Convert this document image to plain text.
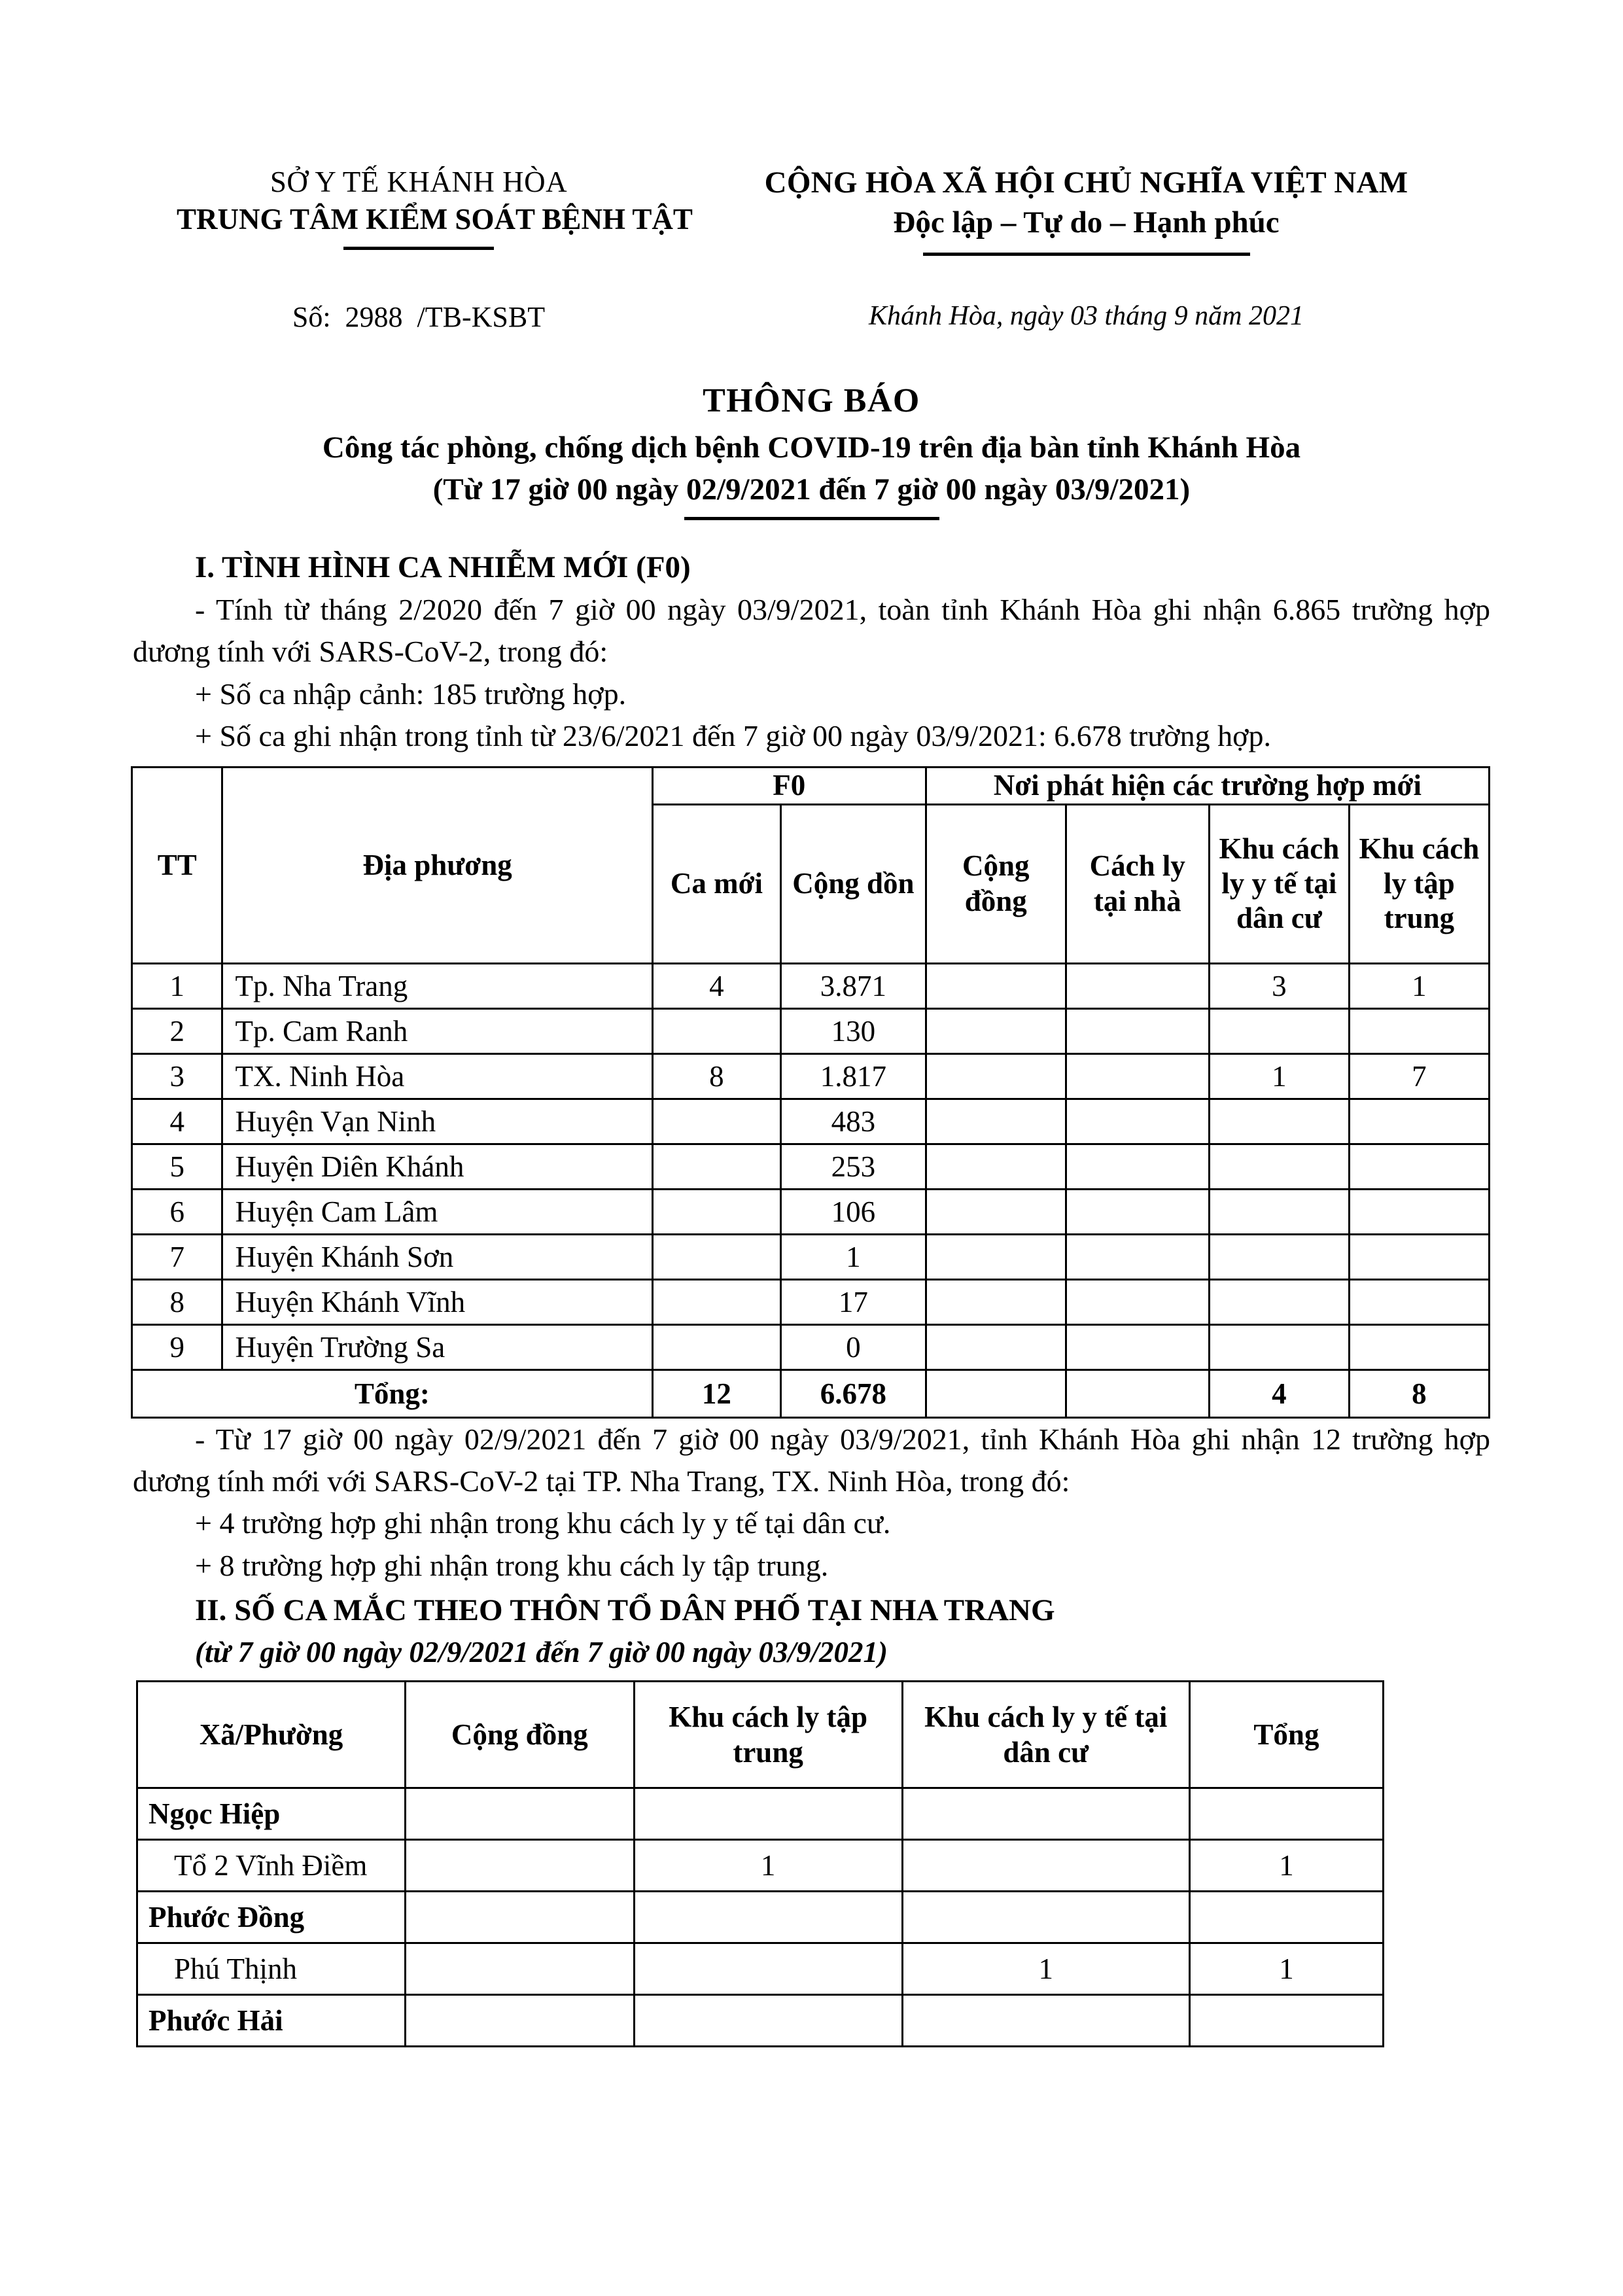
SỞ Y TẾ KHÁNH HÒA
TRUNG TÂM KIỂM SOÁT BỆNH TẬT
CỘNG HÒA XÃ HỘI CHỦ NGHĨA VIỆT NAM
Độc lập – Tự do – Hạnh phúc
Số:  2988  /TB-KSBT	Khánh Hòa, ngày 03 tháng 9 năm 2021
THÔNG BÁO
Công tác phòng, chống dịch bệnh COVID-19 trên địa bàn tỉnh Khánh Hòa
(Từ 17 giờ 00 ngày 02/9/2021 đến 7 giờ 00 ngày 03/9/2021)
I. TÌNH HÌNH CA NHIỄM MỚI (F0)

- Tính từ tháng 2/2020 đến 7 giờ 00 ngày 03/9/2021, toàn tỉnh Khánh Hòa ghi nhận 6.865 trường hợp dương tính với SARS-CoV-2, trong đó:

+ Số ca nhập cảnh: 185 trường hợp.

+ Số ca ghi nhận trong tỉnh từ 23/6/2021 đến 7 giờ 00 ngày 03/9/2021: 6.678 trường hợp.

TT	Địa phương	F0		Nơi phát hiện các trường hợp mới			
		Ca mới	Cộng dồn	Cộng đồng	Cách ly tại nhà	Khu cách ly y tế tại dân cư	Khu cách ly tập trung
1	Tp. Nha Trang	4	3.871			3	1
2	Tp. Cam Ranh		130				
3	TX. Ninh Hòa	8	1.817			1	7
4	Huyện Vạn Ninh		483				
5	Huyện Diên Khánh		253				
6	Huyện Cam Lâm		106				
7	Huyện Khánh Sơn		1				
8	Huyện Khánh Vĩnh		17				
9	Huyện Trường Sa		0				
Tổng:		12	6.678			4	8

- Từ 17 giờ 00 ngày 02/9/2021 đến 7 giờ 00 ngày 03/9/2021, tỉnh Khánh Hòa ghi nhận 12 trường hợp dương tính mới với SARS-CoV-2 tại TP. Nha Trang, TX. Ninh Hòa, trong đó:

+ 4 trường hợp ghi nhận trong khu cách ly y tế tại dân cư.

+ 8 trường hợp ghi nhận trong khu cách ly tập trung.

II. SỐ CA MẮC THEO THÔN TỔ DÂN PHỐ TẠI NHA TRANG
(từ 7 giờ 00 ngày 02/9/2021 đến 7 giờ 00 ngày 03/9/2021)
Xã/Phường	Cộng đồng	Khu cách ly tập trung	Khu cách ly y tế tại dân cư	Tổng
Ngọc Hiệp				
Tổ 2 Vĩnh Điềm		1		1
Phước Đồng				
Phú Thịnh			1	1
Phước Hải				
